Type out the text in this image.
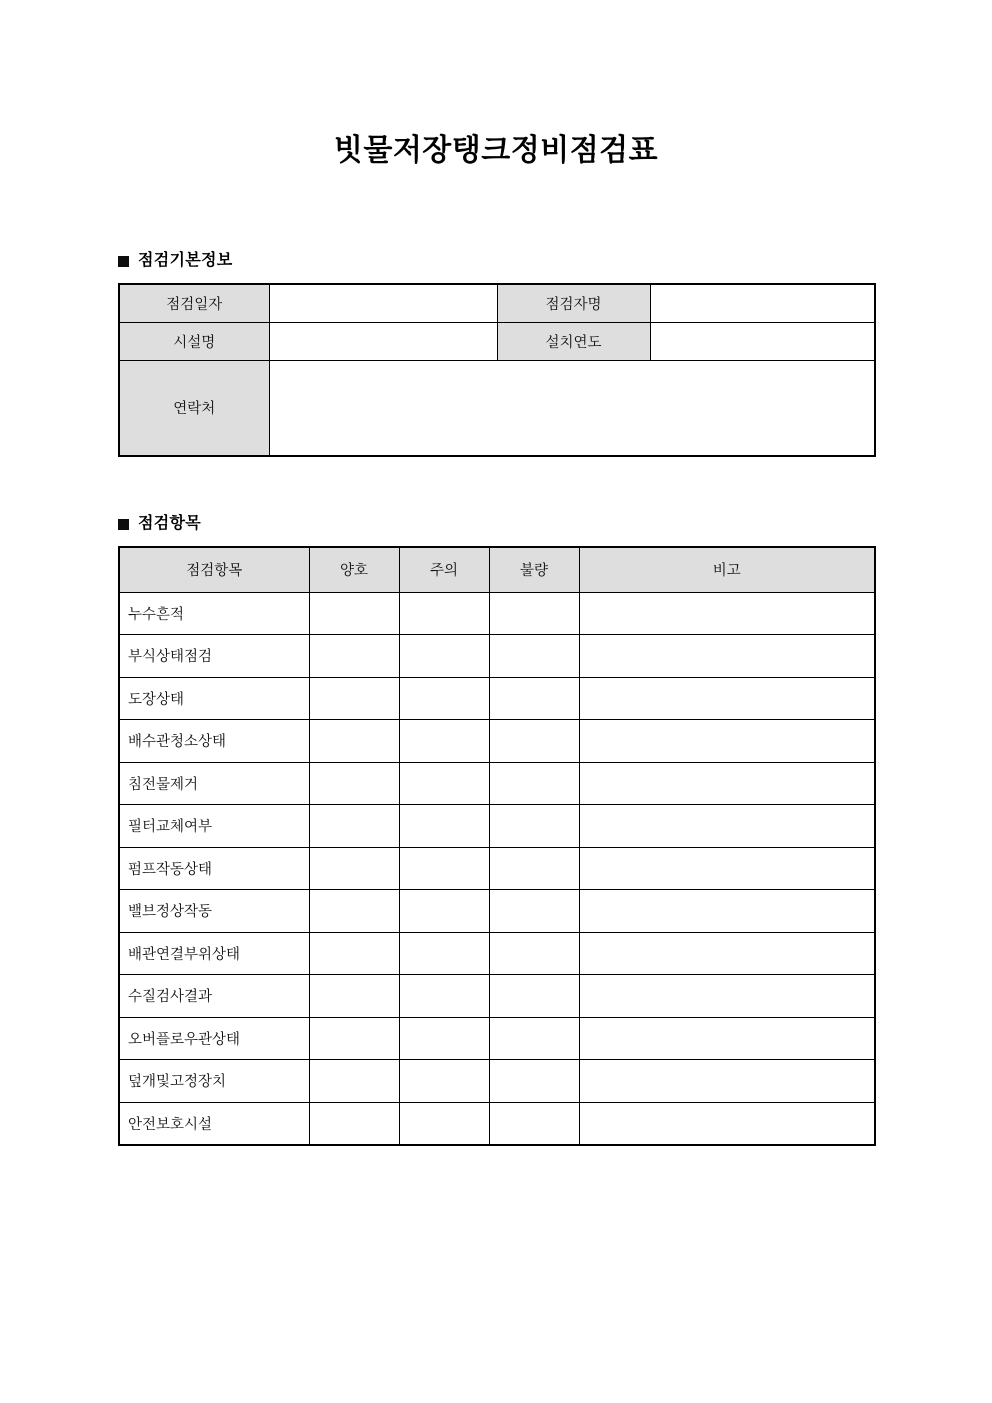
빗물저장탱크정비점검표
점검기본정보
점검일자		점검자명	
시설명		설치연도	
연락처			
점검항목
점검항목	양호	주의	불량	비고
누수흔적				
부식상태점검				
도장상태				
배수관청소상태				
침전물제거				
필터교체여부				
펌프작동상태				
밸브정상작동				
배관연결부위상태				
수질검사결과				
오버플로우관상태				
덮개및고정장치				
안전보호시설				
